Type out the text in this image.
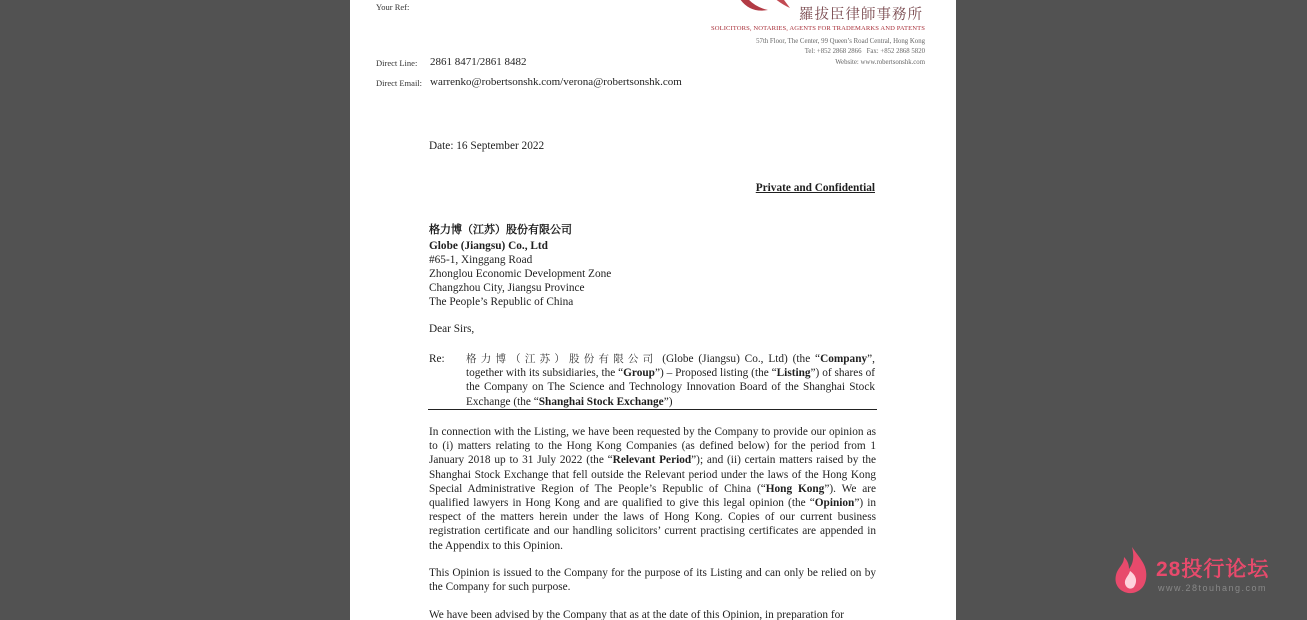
羅拔臣律師事務所
SOLICITORS, NOTARIES, AGENTS FOR TRADEMARKS AND PATENTS
57th Floor, The Center, 99 Queen’s Road Central, Hong Kong
Tel: +852 2868 2866 Fax: +852 2868 5820
Website: www.robertsonshk.com
Your Ref:
Direct Line: 2861 8471/2861 8482
Direct Email: warrenko@robertsonshk.com/verona@robertsonshk.com
Date: 16 September 2022
Private and Confidential
格力博（江苏）股份有限公司
Globe (Jiangsu) Co., Ltd
#65-1, Xinggang Road
Zhonglou Economic Development Zone
Changzhou City, Jiangsu Province
The People’s Republic of China
Dear Sirs,
Re: 格力博（江苏）股份有限公司 (Globe (Jiangsu) Co., Ltd) (the “Company”, together with its subsidiaries, the “Group”) – Proposed listing (the “Listing”) of shares of the Company on The Science and Technology Innovation Board of the Shanghai Stock Exchange (the “Shanghai Stock Exchange”)
In connection with the Listing, we have been requested by the Company to provide our opinion as to (i) matters relating to the Hong Kong Companies (as defined below) for the period from 1 January 2018 up to 31 July 2022 (the “Relevant Period”); and (ii) certain matters raised by the Shanghai Stock Exchange that fell outside the Relevant period under the laws of the Hong Kong Special Administrative Region of The People’s Republic of China (“Hong Kong”). We are qualified lawyers in Hong Kong and are qualified to give this legal opinion (the “Opinion”) in respect of the matters herein under the laws of Hong Kong. Copies of our current business registration certificate and our handling solicitors’ current practising certificates are appended in the Appendix to this Opinion.
This Opinion is issued to the Company for the purpose of its Listing and can only be relied on by the Company for such purpose.
We have been advised by the Company that as at the date of this Opinion, in preparation for
28投行论坛
www.28touhang.com
